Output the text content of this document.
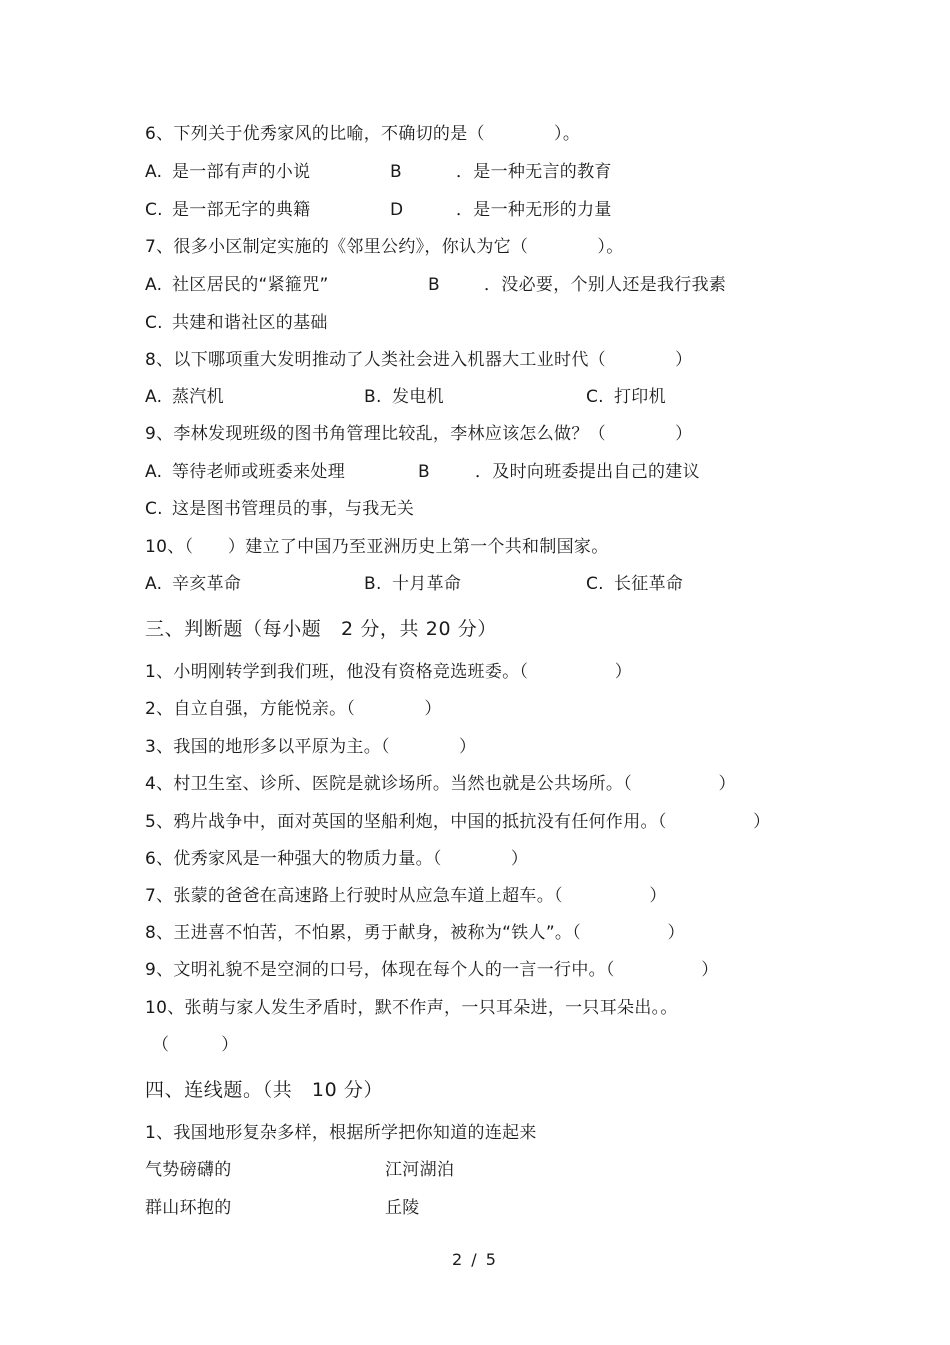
6、下列关于优秀家风的比喻，不确切的是（　　　　）。
A. 是一部有声的小说	B	．是一种无言的教育
C. 是一部无字的典籍	D	．是一种无形的力量
7、很多小区制定实施的《邻里公约》，你认为它（　　　　）。
A. 社区居民的“紧箍咒”	B	．没必要，个别人还是我行我素
C. 共建和谐社区的基础
8、以下哪项重大发明推动了人类社会进入机器大工业时代（　　　　）
A. 蒸汽机	B. 发电机	C. 打印机
9、李林发现班级的图书角管理比较乱，李林应该怎么做？（　　　　）
A. 等待老师或班委来处理	B	．及时向班委提出自己的建议
C. 这是图书管理员的事，与我无关
10、（　　）建立了中国乃至亚洲历史上第一个共和制国家。
A. 辛亥革命	B. 十月革命	C. 长征革命
三、判断题（每小题　2 分，共 20 分）
1、小明刚转学到我们班，他没有资格竞选班委。（　　　　　）
2、自立自强，方能悦亲。（　　　　）
3、我国的地形多以平原为主。（　　　　）
4、村卫生室、诊所、医院是就诊场所。当然也就是公共场所。（　　　　　）
5、鸦片战争中，面对英国的坚船利炮，中国的抵抗没有任何作用。（　　　　　）
6、优秀家风是一种强大的物质力量。（　　　　）
7、张蒙的爸爸在高速路上行驶时从应急车道上超车。（　　　　　）
8、王进喜不怕苦，不怕累，勇于献身，被称为“铁人”。（　　　　　）
9、文明礼貌不是空洞的口号，体现在每个人的一言一行中。（　　　　　）
10、张萌与家人发生矛盾时，默不作声，一只耳朵进，一只耳朵出。。
（　　　）
四、连线题。（共　10 分）
1、我国地形复杂多样，根据所学把你知道的连起来
气势磅礴的	江河湖泊
群山环抱的	丘陵
2 / 5
